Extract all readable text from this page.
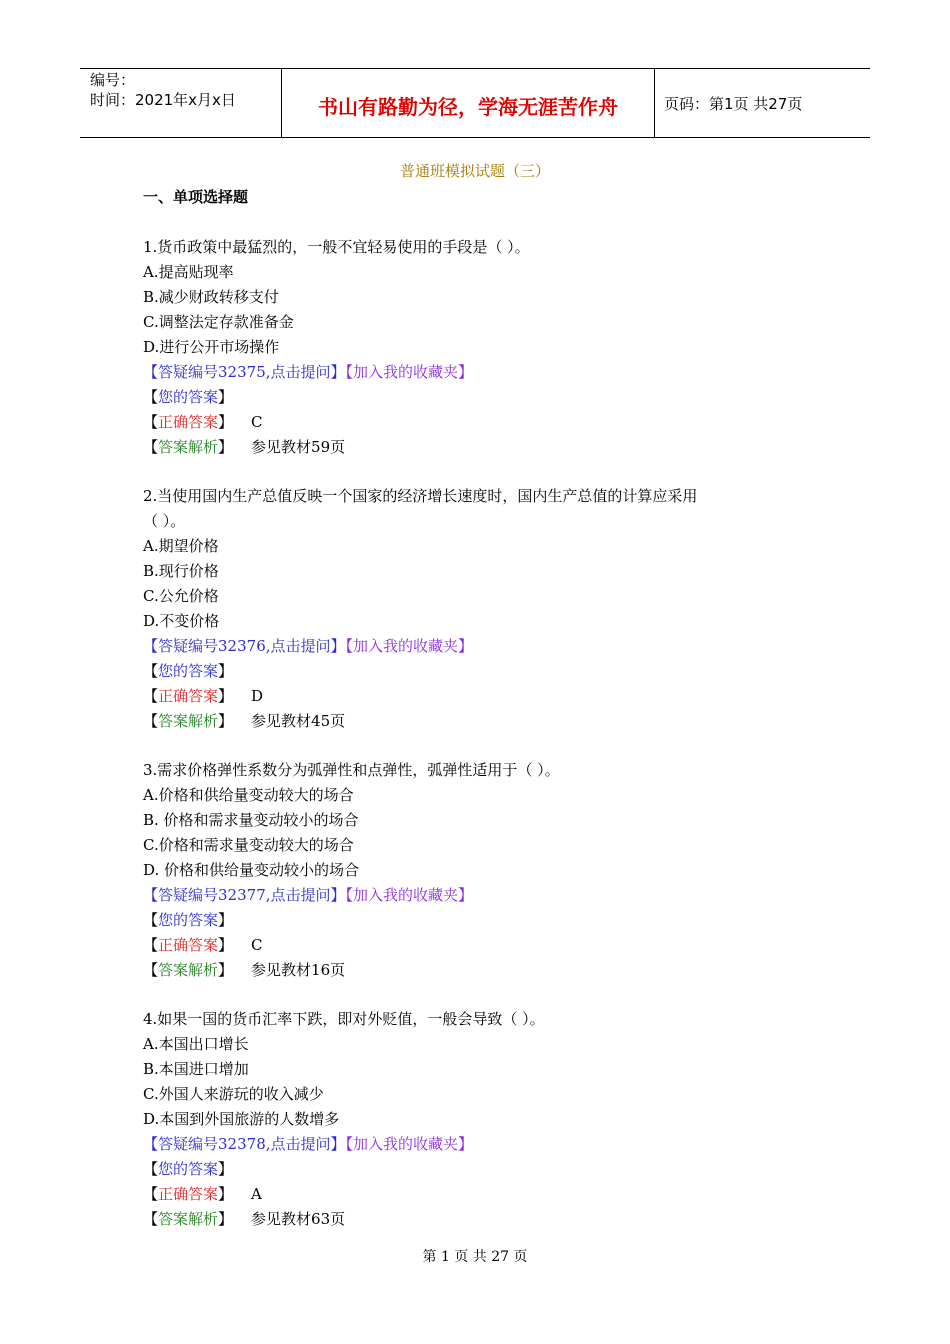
编号：
时间：2021年x月x日	书山有路勤为径，学海无涯苦作舟	页码：第1页 共27页
普通班模拟试题（三）
一、单项选择题
1.货币政策中最猛烈的，一般不宜轻易使用的手段是（ ）。
A.提高贴现率
B.减少财政转移支付
C.调整法定存款准备金
D.进行公开市场操作
【答疑编号32375,点击提问】【加入我的收藏夹】
【您的答案】
【正确答案】 C
【答案解析】 参见教材59页
2.当使用国内生产总值反映一个国家的经济增长速度时，国内生产总值的计算应采用
（ ）。
A.期望价格
B.现行价格
C.公允价格
D.不变价格
【答疑编号32376,点击提问】【加入我的收藏夹】
【您的答案】
【正确答案】 D
【答案解析】 参见教材45页
3.需求价格弹性系数分为弧弹性和点弹性，弧弹性适用于（ ）。
A.价格和供给量变动较大的场合
B. 价格和需求量变动较小的场合
C.价格和需求量变动较大的场合
D. 价格和供给量变动较小的场合
【答疑编号32377,点击提问】【加入我的收藏夹】
【您的答案】
【正确答案】 C
【答案解析】 参见教材16页
4.如果一国的货币汇率下跌，即对外贬值，一般会导致（ ）。
A.本国出口增长
B.本国进口增加
C.外国人来游玩的收入减少
D.本国到外国旅游的人数增多
【答疑编号32378,点击提问】【加入我的收藏夹】
【您的答案】
【正确答案】 A
【答案解析】 参见教材63页
第 1 页 共 27 页
